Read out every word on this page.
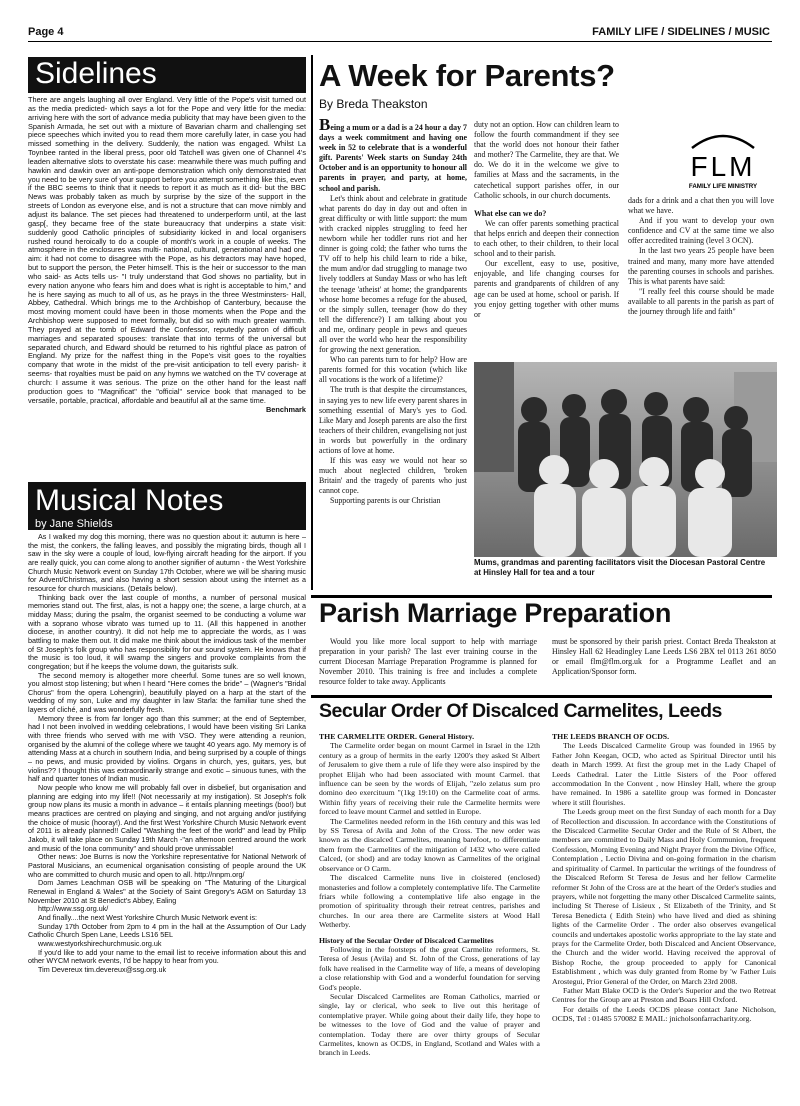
Page 4	FAMILY LIFE / SIDELINES / MUSIC
Sidelines

There are angels laughing all over England. Very little of the Pope's visit turned out as the media predicted- which says a lot for the Pope and very little for the media: arriving here with the sort of advance media publicity that may have been given to the Spanish Armada, he set out with a mixture of Bavarian charm and challenging set piece speeches which invited you to read them more carefully later, in case you had missed something in the delivery. Suddenly, the nation was engaged. Whilst La Toynbee ranted in the liberal press, poor old Tatchell was given one of Channel 4's leaden alternative slots to overstate his case: meanwhile there was much puffing and hawkin and dawkin over an anti-pope demonstration which only demonstrated that you need to be very sure of your support before you attempt something like this, even if the BBC seems to think that it needs to report it as much as it did- but the BBC News was probably taken as much by surprise by the size of the support in the streets of London as everyone else, and is not a structure that can move nimbly and adjust its balance. The set pieces had threatened to underperform until, at the last gasp[, they became free of the state bureaucracy that underpins a state visit: suddenly good Catholic principles of subsidiarity kicked in and local organisers rushed round heroically to do a couple of month's work in a couple of weeks. The atmosphere in the enclosures was multi- national, cultural, generational and had one aim: it had not come to disagree with the Pope, as his detractors may have hoped, but to support the person, the Peter himself. This is the heir or successor to the man who said- as Acts tells us- "I truly understand that God shows no partiality, but in every nation anyone who fears him and does what is right is acceptable to him," and he is here saying as much to all of us, as he prays in the three Westminsters- Hall, Abbey, Cathedral. Which brings me to the Archbishop of Canterbury, because the most moving moment could have been in those moments when the Pope and the Archbishop were supposed to meet formally, but did so with much greater warmth. They prayed at the tomb of Edward the Confessor, reputedly patron of difficult marriages and separated spouses: translate that into terms of the universal but separated church, and Edward should be returned to his rightful place as patron of England. My prize for the naffest thing in the Pope's visit goes to the royalties company that wrote in the midst of the pre-visit anticipation to tell every parish- it seems- that royalties must be paid on any hymns we watched on the TV coverage at church: I assume it was serious. The prize on the other hand for the least naff production goes to "Magnificat" the "official" service book that managed to be versatile, portable, practical, affordable and beautiful all at the same time.

Benchmark

Musical Notes
by Jane Shields

As I walked my dog this morning, there was no question about it: autumn is here – the mist, the conkers, the falling leaves, and possibly the migrating birds, though all I saw in the sky were a couple of loud, low-flying aircraft heading for the airport. If you are really quick, you can come along to another signifier of autumn - the West Yorkshire Church Music Network event on Sunday 17th October, where we will be sharing music for Advent/Christmas, and also having a short session about using the internet as a resource for church musicians. (Details below).

Thinking back over the last couple of months, a number of personal musical memories stand out. The first, alas, is not a happy one; the scene, a large church, at a midday Mass; during the psalm, the organist seemed to be conducting a volume war with a soprano whose vibrato was turned up to 11. (All this happened in another diocese, in another country). It did not help me to appreciate the words, as I was battling to make them out. It did make me think about the invidious task of the member of St Joseph's folk group who has responsibility for our sound system. He knows that if the music is too loud, it will swamp the singers and provoke complaints from the congregation; but if he keeps the volume down, the guitarists sulk.

The second memory is altogether more cheerful. Some tunes are so well known, you almost stop listening; but when I heard "Here comes the bride" – (Wagner's "Bridal Chorus" from the opera Lohengrin), beautifully played on a harp at the start of the wedding of my son, Luke and my daughter in law Starla: the familiar tune shed the layers of cliché, and was wonderfully fresh.

Memory three is from far longer ago than this summer; at the end of September, had I not been involved in wedding celebrations, I would have been visiting Sri Lanka with three friends who served with me with VSO. They were attending a reunion, organised by the alumni of the college where we taught 40 years ago. My memory is of attending Mass at a church in southern India, and being surprised by a couple of things – no pews, and music provided by violins. Organs in church, yes, guitars, yes, but violins?? I thought this was extraordinarily strange and exotic – sinuous tunes, with the half and quarter tones of Indian music.

Now people who know me will probably fall over in disbelief, but organisation and planning are edging into my life!! (Not necessarily at my instigation). St Joseph's folk group now plans its music a month in advance – it entails planning meetings (boo!) but means practices are centred on playing and singing, and not arguing and/or justifying the choice of music (hooray!). And the first West Yorkshire Church Music Network event of 2011 is already planned!! Called "Washing the feet of the world" and lead by Philip Jakob, it will take place on Sunday 19th March -"an afternoon centred around the work and music of the Iona community" and should prove unmissable!

Other news: Joe Burns is now the Yorkshire representative for National Network of Pastoral Musicians, an ecumenical organisation consisting of people around the UK who are committed to church music and open to all. http://nnpm.org/

Dom James Leachman OSB will be speaking on "The Maturing of the Liturgical Renewal in England & Wales" at the Society of Saint Gregory's AGM on Saturday 13 November 2010 at St Benedict's Abbey, Ealing

http://www.ssg.org.uk/

And finally....the next West Yorkshire Church Music Network event is:

Sunday 17th October from 2pm to 4 pm in the hall at the Assumption of Our Lady Catholic Church Spen Lane, Leeds LS16 5EL

www.westyorkshirechurchmusic.org.uk

If you'd like to add your name to the email list to receive information about this and other WYCM network events, I'd be happy to hear from you.

Tim Devereux tim.devereux@ssg.org.uk

A Week for Parents?
By Breda Theakston

Being a mum or a dad is a 24 hour a day 7 days a week commitment and having one week in 52 to celebrate that is a wonderful gift. Parents' Week starts on Sunday 24th October and is an opportunity to honour all parents in prayer, and party, at home, school and parish.

Let's think about and celebrate in gratitude what parents do day in day out and often in great difficulty or with little support: the mum with cracked nipples struggling to feed her newborn while her toddler runs riot and her dinner is going cold; the father who turns the TV off to help his child learn to ride a bike, the mum and/or dad struggling to manage two lively toddlers at Sunday Mass or who has left the teenage 'atheist' at home; the grandparents whose home becomes a refuge for the abused, or the simply sullen, teenager (how do they tell the difference?) I am talking about you and me, ordinary people in pews and queues all over the world who hear the responsibility for growing the next generation.

Who can parents turn to for help? How are parents formed for this vocation (which like all vocations is the work of a lifetime)?

The truth is that despite the circumstances, in saying yes to new life every parent shares in something essential of Mary's yes to God. Like Mary and Joseph parents are also the first teachers of their children, evangelising not just in words but powerfully in the ordinary actions of love at home.

If this was easy we would not hear so much about neglected children, 'broken Britain' and the tragedy of parents who just cannot cope.

Supporting parents is our Christian

duty not an option. How can children learn to follow the fourth commandment if they see that the world does not honour their father and mother? The Carmelite, they are that. We do. We do it in the welcome we give to families at Mass and the sacraments, in the catechetical support parishes offer, in our Catholic schools, in our church documents.

What else can we do?

We can offer parents something practical that helps enrich and deepen their connection to each other, to their children, to their local school and to their parish.

Our excellent, easy to use, positive, enjoyable, and life changing courses for parents and grandparents of children of any age can be used at home, school or parish. If you enjoy getting together with other mums or

FLM
FAMILY LIFE MINISTRY

dads for a drink and a chat then you will love what we have.

And if you want to develop your own confidence and CV at the same time we also offer accredited training (level 3 OCN).

In the last two years 25 people have been trained and many, many more have attended the parenting courses in schools and parishes. This is what parents have said:

"I really feel this course should be made available to all parents in the parish as part of the journey through life and faith"

Mums, grandmas and parenting facilitators visit the Diocesan Pastoral Centre at Hinsley Hall for tea and a tour
Parish Marriage Preparation
Would you like more local support to help with marriage preparation in your parish? The last ever training course in the current Diocesan Marriage Preparation Programme is planned for November 2010. This training is free and includes a complete resource folder to take away. Applicants
must be sponsored by their parish priest. Contact Breda Theakston at Hinsley Hall 62 Headingley Lane Leeds LS6 2BX tel 0113 261 8050 or email flm@flm.org.uk for a Programme Leaflet and an Application/Sponsor form.
Secular Order Of Discalced Carmelites, Leeds

THE CARMELITE ORDER. General History.

The Carmelite order began on mount Carmel in Israel in the 12th century as a group of hermits in the early 1200's they asked St Albert of Jerusalem to give them a rule of life they were also inspired by the prophet Elijah who had been associated with mount Carmel. that influence can be seen by the words of Elijah, "zelo zelatus sum pro domino deo exercituum "(1kg 19:10) on the Carmelite coat of arms. Within fifty years of receiving their rule the Carmelite hermits were forced to leave mount Carmel and settled in Europe.

The Carmelites needed reform in the 16th century and this was led by SS Teresa of Avila and John of the Cross. The new order was known as the discalced Carmelites, meaning barefoot, to differentiate them from the Carmelites of the mitigation of 1432 who were called Calced, (or shod) and are today known as Carmelites of the original observance or O Carm.

The discalced Carmelite nuns live in cloistered (enclosed) monasteries and follow a completely contemplative life. The Carmelite friars while following a contemplative life also engage in the promotion of spirituality through their retreat centres, parishes and churches. In our area there are Carmelite sisters at Wood Hall Wetherby.

History of the Secular Order of Discalced Carmelites

Following in the footsteps of the great Carmelite reformers, St. Teresa of Jesus (Avila) and St. John of the Cross, generations of lay folk have realised in the Carmelite way of life, a means of developing a close relationship with God and a wonderful foundation for serving God's people.

Secular Discalced Carmelites are Roman Catholics, married or single, lay or clerical, who seek to live out this heritage of contemplative prayer. While going about their daily life, they hope to be witnesses to the love of God and the value of prayer and contemplation. Today there are over thirty groups of Secular Carmelites, known as OCDS, in England, Scotland and Wales with a branch in Leeds.

THE LEEDS BRANCH OF OCDS.

The Leeds Discalced Carmelite Group was founded in 1965 by Father John Keegan, OCD, who acted as Spiritual Director until his death in March 1999. At first the group met in the Lady Chapel of Leeds Cathedral. Later the Little Sisters of the Poor offered accommodation In the Convent , now Hinsley Hall, where the group have remained. In 1986 a satellite group was formed in Doncaster where it still flourishes.

The Leeds group meet on the first Sunday of each month for a Day of Recollection and discussion. In accordance with the Constitutions of the Discalced Carmelite Secular Order and the Rule of St Albert, the members are committed to Daily Mass and Holy Communion, frequent Confession, Morning Evening and Night Prayer from the Divine Office, Contemplation , Lectio Divina and on-going formation in the charism and spirituality of Carmel. In particular the writings of the foundress of the Discalced Reform St Teresa de Jesus and her fellow Carmelite reformer St John of the Cross are at the heart of the Order's studies and prayers, while not forgetting the many other Discalced Carmelite saints, including St Therese of Lisieux , St Elizabeth of the Trinity, and St Teresa Benedicta ( Edith Stein) who have lived and died as shining lights of the Carmelite Order . The order also observes evangelical councils and undertakes apostolic works appropriate to the lay state and prays for the Carmelite Order, both Discalced and Ancient Observance, the Church and the wider world. Having received the approval of Bishop Roche, the group proceeded to apply for Canonical Establishment , which was duly granted from Rome by 'w Father Luis Arostegui, Prior General of the Order, on March 23rd 2008.

Father Matt Blake OCD is the Order's Superior and the two Retreat Centres for the Group are at Preston and Boars Hill Oxford.

For details of the Leeds OCDS please contact Jane Nicholson, OCDS, Tel : 01485 570082 E MAIL: jnicholsonfarracharity.org.
